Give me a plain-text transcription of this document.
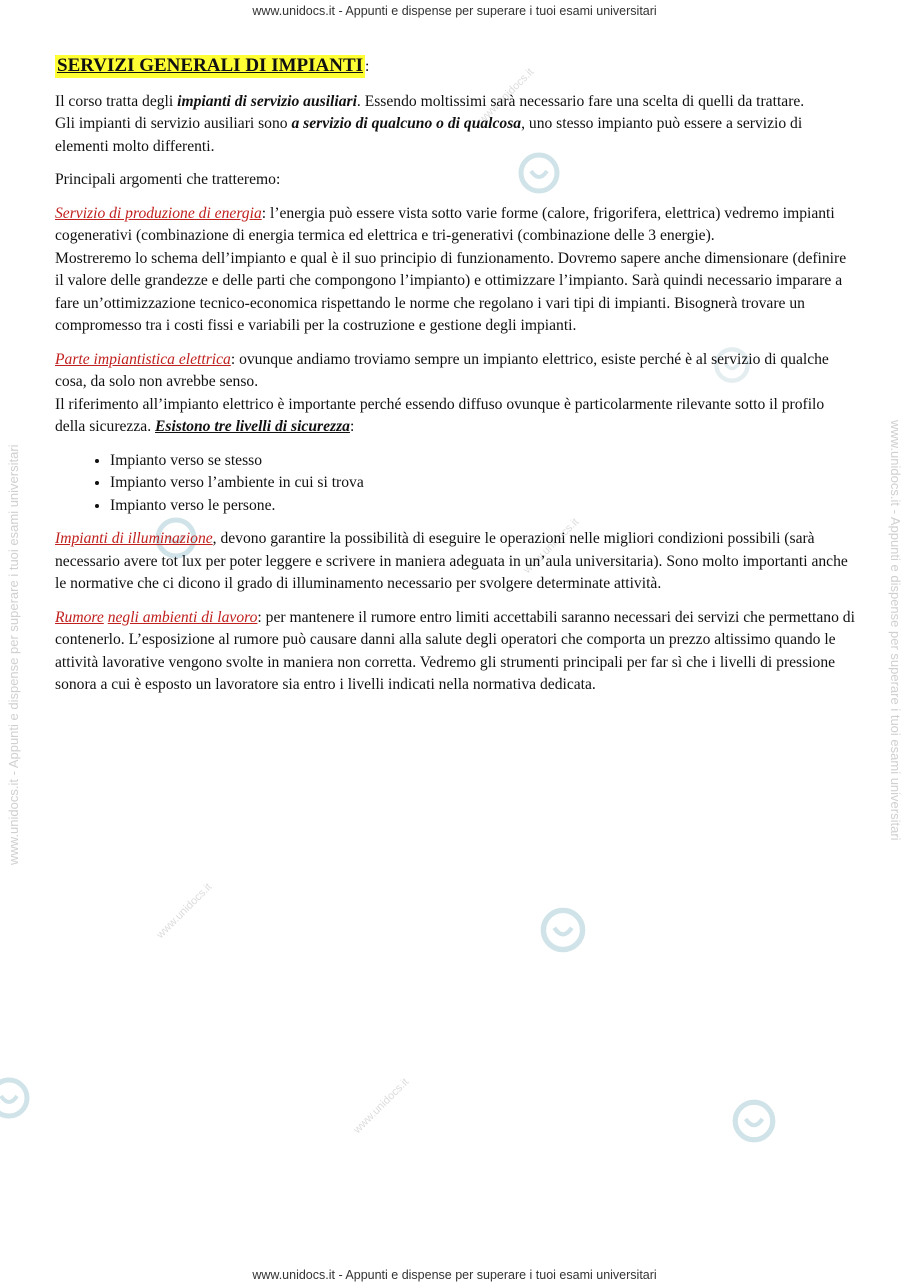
www.unidocs.it - Appunti e dispense per superare i tuoi esami universitari
www.unidocs.it - Appunti e dispense per superare i tuoi esami universitari
www.unidocs.it - Appunti e dispense per superare i tuoi esami universitari	www.unidocs.it - Appunti e dispense per superare i tuoi esami universitari
www.unidocs.it
www.unidocs.it
www.unidocs.it
www.unidocs.it

SERVIZI GENERALI DI IMPIANTI :

Il corso tratta degli impianti di servizio ausiliari. Essendo moltissimi sarà necessario fare una scelta di quelli da trattare.
Gli impianti di servizio ausiliari sono a servizio di qualcuno o di qualcosa, uno stesso impianto può essere a servizio di elementi molto differenti.

Principali argomenti che tratteremo:

Servizio di produzione di energia: l’energia può essere vista sotto varie forme (calore, frigorifera, elettrica) vedremo impianti cogenerativi (combinazione di energia termica ed elettrica e tri-generativi (combinazione delle 3 energie).
Mostreremo lo schema dell’impianto e qual è il suo principio di funzionamento. Dovremo sapere anche dimensionare (definire il valore delle grandezze e delle parti che compongono l’impianto) e ottimizzare l’impianto. Sarà quindi necessario imparare a fare un’ottimizzazione tecnico-economica rispettando le norme che regolano i vari tipi di impianti. Bisognerà trovare un compromesso tra i costi fissi e variabili per la costruzione e gestione degli impianti.

Parte impiantistica elettrica: ovunque andiamo troviamo sempre un impianto elettrico, esiste perché è al servizio di qualche cosa, da solo non avrebbe senso.
Il riferimento all’impianto elettrico è importante perché essendo diffuso ovunque è particolarmente rilevante sotto il profilo della sicurezza. Esistono tre livelli di sicurezza:

• Impianto verso se stesso
• Impianto verso l’ambiente in cui si trova
• Impianto verso le persone.

Impianti di illuminazione, devono garantire la possibilità di eseguire le operazioni nelle migliori condizioni possibili (sarà necessario avere tot lux per poter leggere e scrivere in maniera adeguata in un’aula universitaria). Sono molto importanti anche le normative che ci dicono il grado di illuminamento necessario per svolgere determinate attività.

Rumore negli ambienti di lavoro: per mantenere il rumore entro limiti accettabili saranno necessari dei servizi che permettano di contenerlo. L’esposizione al rumore può causare danni alla salute degli operatori che comporta un prezzo altissimo quando le attività lavorative vengono svolte in maniera non corretta. Vedremo gli strumenti principali per far sì che i livelli di pressione sonora a cui è esposto un lavoratore sia entro i livelli indicati nella normativa dedicata.
